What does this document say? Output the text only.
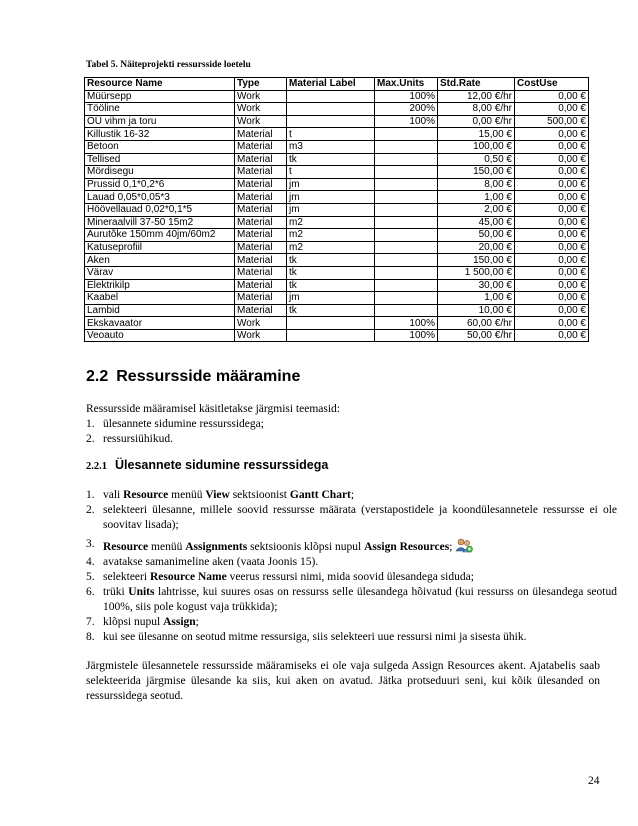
Tabel 5. Näiteprojekti ressursside loetelu
Resource Name	Type	Material Label	Max.Units	Std.Rate	CostUse
Müürsepp	Work		100%	12,00 €/hr	0,00 €
Tööline	Work		200%	8,00 €/hr	0,00 €
OÜ vihm ja toru	Work		100%	0,00 €/hr	500,00 €
Killustik 16-32	Material	t		15,00 €	0,00 €
Betoon	Material	m3		100,00 €	0,00 €
Tellised	Material	tk		0,50 €	0,00 €
Mördisegu	Material	t		150,00 €	0,00 €
Prussid 0,1*0,2*6	Material	jm		8,00 €	0,00 €
Lauad 0,05*0,05*3	Material	jm		1,00 €	0,00 €
Höövellauad 0,02*0,1*5	Material	jm		2,00 €	0,00 €
Mineraalvill 37-50 15m2	Material	m2		45,00 €	0,00 €
Aurutõke 150mm 40jm/60m2	Material	m2		50,00 €	0,00 €
Katuseprofiil	Material	m2		20,00 €	0,00 €
Aken	Material	tk		150,00 €	0,00 €
Värav	Material	tk		1 500,00 €	0,00 €
Elektrikilp	Material	tk		30,00 €	0,00 €
Kaabel	Material	jm		1,00 €	0,00 €
Lambid	Material	tk		10,00 €	0,00 €
Ekskavaator	Work		100%	60,00 €/hr	0,00 €
Veoauto	Work		100%	50,00 €/hr	0,00 €
2.2 Ressursside määramine
Ressursside määramisel käsitletakse järgmisi teemasid:
1. ülesannete sidumine ressurssidega;
2. ressursiühikud.
2.2.1 Ülesannete sidumine ressurssidega
1. vali Resource menüü View sektsioonist Gantt Chart;
2. selekteeri ülesanne, millele soovid ressursse määrata (verstapostidele ja koondülesannetele ressursse ei ole soovitav lisada);
3. Resource menüü Assignments sektsioonis klõpsi nupul Assign Resources;
4. avatakse samanimeline aken (vaata Joonis 15).
5. selekteeri Resource Name veerus ressursi nimi, mida soovid ülesandega siduda;
6. trüki Units lahtrisse, kui suures osas on ressurss selle ülesandega hõivatud (kui ressurss on ülesandega seotud 100%, siis pole kogust vaja trükkida);
7. klõpsi nupul Assign;
8. kui see ülesanne on seotud mitme ressursiga, siis selekteeri uue ressursi nimi ja sisesta ühik.
Järgmistele ülesannetele ressursside määramiseks ei ole vaja sulgeda Assign Resources akent. Ajatabelis saab selekteerida järgmise ülesande ka siis, kui aken on avatud. Jätka protseduuri seni, kui kõik ülesanded on ressurssidega seotud.
24
